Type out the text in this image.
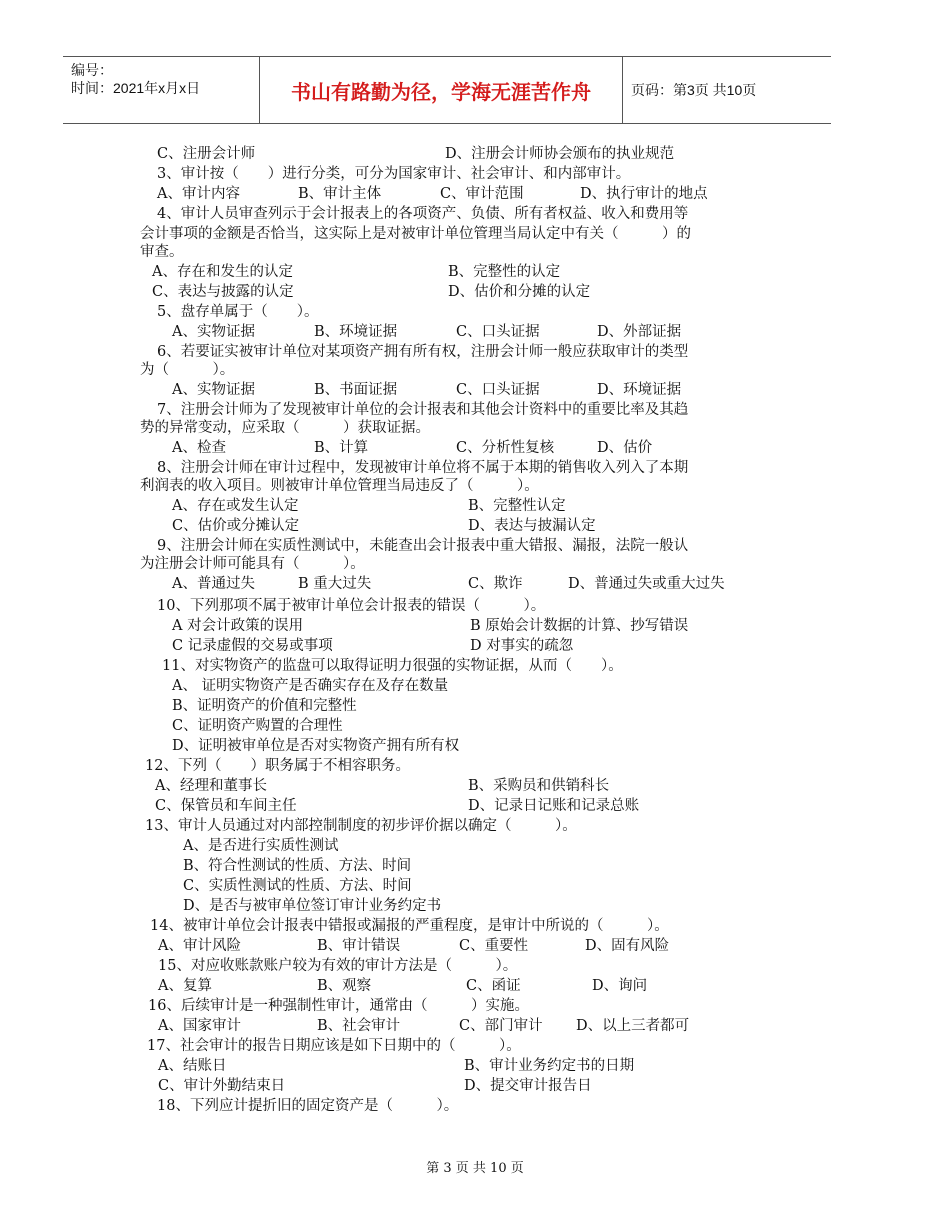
编号：
时间：2021年x月x日	书山有路勤为径，学海无涯苦作舟	页码：第3页 共10页
C、注册会计师	D、注册会计师协会颁布的执业规范
3、审计按（　　）进行分类，可分为国家审计、社会审计、和内部审计。
A、审计内容	B、审计主体	C、审计范围	D、执行审计的地点
4、审计人员审查列示于会计报表上的各项资产、负债、所有者权益、收入和费用等
会计事项的金额是否恰当，这实际上是对被审计单位管理当局认定中有关（　　　）的
审查。
A、存在和发生的认定	B、完整性的认定
C、表达与披露的认定	D、估价和分摊的认定
5、盘存单属于（　　）。
A、实物证据	B、环境证据	C、口头证据	D、外部证据
6、若要证实被审计单位对某项资产拥有所有权，注册会计师一般应获取审计的类型
为（　　　）。
A、实物证据	B、书面证据	C、口头证据	D、环境证据
7、注册会计师为了发现被审计单位的会计报表和其他会计资料中的重要比率及其趋
势的异常变动，应采取（　　　）获取证据。
A、检查	B、计算	C、分析性复核	D、估价
8、注册会计师在审计过程中，发现被审计单位将不属于本期的销售收入列入了本期
利润表的收入项目。则被审计单位管理当局违反了（　　　）。
A、存在或发生认定	B、完整性认定
C、估价或分摊认定	D、表达与披漏认定
9、注册会计师在实质性测试中，未能查出会计报表中重大错报、漏报，法院一般认
为注册会计师可能具有（　　　）。
A、普通过失	B 重大过失	C、欺诈	D、普通过失或重大过失
10、下列那项不属于被审计单位会计报表的错误（　　　）。
A 对会计政策的误用	B 原始会计数据的计算、抄写错误
C 记录虚假的交易或事项	D 对事实的疏忽
11、对实物资产的监盘可以取得证明力很强的实物证据，从而（　　）。
A、 证明实物资产是否确实存在及存在数量
B、证明资产的价值和完整性
C、证明资产购置的合理性
D、证明被审单位是否对实物资产拥有所有权
12、下列（　　）职务属于不相容职务。
A、经理和董事长	B、采购员和供销科长
C、保管员和车间主任	D、记录日记账和记录总账
13、审计人员通过对内部控制制度的初步评价据以确定（　　　）。
A、是否进行实质性测试
B、符合性测试的性质、方法、时间
C、实质性测试的性质、方法、时间
D、是否与被审单位签订审计业务约定书
14、被审计单位会计报表中错报或漏报的严重程度，是审计中所说的（　　　）。
A、审计风险	B、审计错误	C、重要性	D、固有风险
15、对应收账款账户较为有效的审计方法是（　　　）。
A、复算	B、观察	C、函证	D、询问
16、后续审计是一种强制性审计，通常由（　　　）实施。
A、国家审计	B、社会审计	C、部门审计 D、以上三者都可
17、社会审计的报告日期应该是如下日期中的（　　　）。
A、结账日	B、审计业务约定书的日期
C、审计外勤结束日	D、提交审计报告日
18、下列应计提折旧的固定资产是（　　　）。
第 3 页 共 10 页
